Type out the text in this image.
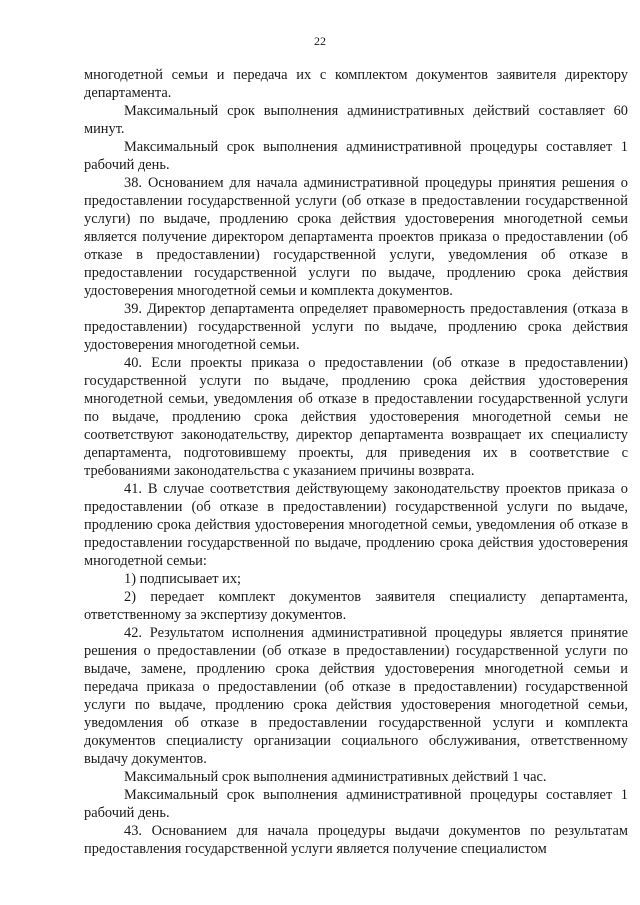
22

многодетной семьи и передача их с комплектом документов заявителя директору департамента.

Максимальный срок выполнения административных действий составляет 60 минут.

Максимальный срок выполнения административной процедуры составляет 1 рабочий день.

38. Основанием для начала административной процедуры принятия решения о предоставлении государственной услуги (об отказе в предоставлении государственной услуги) по выдаче, продлению срока действия удостоверения многодетной семьи является получение директором департамента проектов приказа о предоставлении (об отказе в предоставлении) государственной услуги, уведомления об отказе в предоставлении государственной услуги по выдаче, продлению срока действия удостоверения многодетной семьи и комплекта документов.

39. Директор департамента определяет правомерность предоставления (отказа в предоставлении) государственной услуги по выдаче, продлению срока действия удостоверения многодетной семьи.

40. Если проекты приказа о предоставлении (об отказе в предоставлении) государственной услуги по выдаче, продлению срока действия удостоверения многодетной семьи, уведомления об отказе в предоставлении государственной услуги по выдаче, продлению срока действия удостоверения многодетной семьи не соответствуют законодательству, директор департамента возвращает их специалисту департамента, подготовившему проекты, для приведения их в соответствие с требованиями законодательства с указанием причины возврата.

41. В случае соответствия действующему законодательству проектов приказа о предоставлении (об отказе в предоставлении) государственной услуги по выдаче, продлению срока действия удостоверения многодетной семьи, уведомления об отказе в предоставлении государственной по выдаче, продлению срока действия удостоверения многодетной семьи:

1) подписывает их;

2) передает комплект документов заявителя специалисту департамента, ответственному за экспертизу документов.

42. Результатом исполнения административной процедуры является принятие решения о предоставлении (об отказе в предоставлении) государственной услуги по выдаче, замене, продлению срока действия удостоверения многодетной семьи и передача приказа о предоставлении (об отказе в предоставлении) государственной услуги по выдаче, продлению срока действия удостоверения многодетной семьи, уведомления об отказе в предоставлении государственной услуги и комплекта документов специалисту организации социального обслуживания, ответственному выдачу документов.

Максимальный срок выполнения административных действий 1 час.

Максимальный срок выполнения административной процедуры составляет 1 рабочий день.

43. Основанием для начала процедуры выдачи документов по результатам предоставления государственной услуги является получение специалистом
